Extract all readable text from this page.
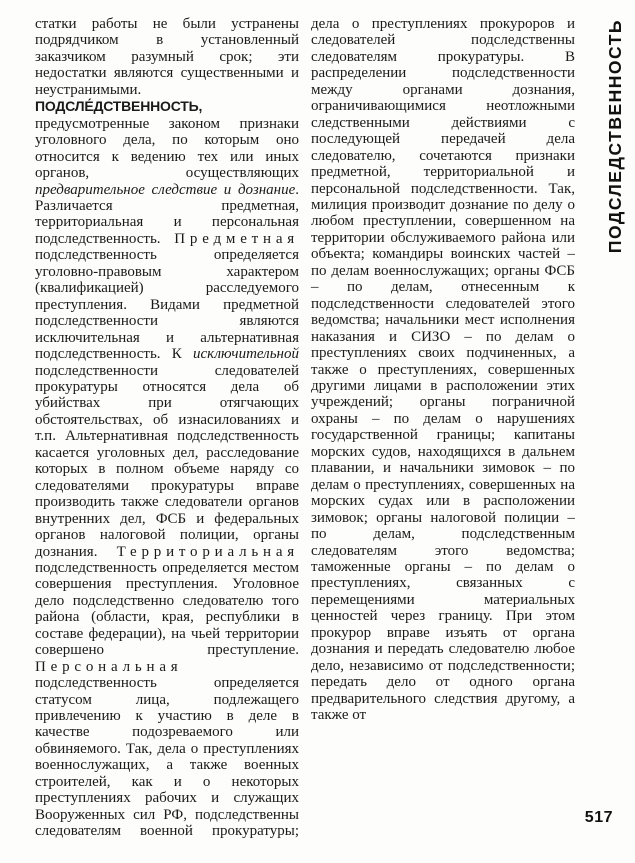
статки работы не были устранены подрядчиком в установленный заказчиком разумный срок; эти недостатки являются существенными и неустранимыми.

ПОДСЛЕ́ДСТВЕННОСТЬ, предусмотренные законом признаки уголовного дела, по которым оно относится к ведению тех или иных органов, осуществляющих предварительное следствие и дознание. Различается предметная, территориальная и персональная подследственность. Предметная подследственность определяется уголовно-правовым характером (квалификацией) расследуемого преступления. Видами предметной подследственности являются исключительная и альтернативная подследственность. К исключительной подследственности следователей прокуратуры относятся дела об убийствах при отягчающих обстоятельствах, об изнасилованиях и т.п. Альтернативная подследственность касается уголовных дел, расследование которых в полном объеме наряду со следователями прокуратуры вправе производить также следователи органов внутренних дел, ФСБ и федеральных органов налоговой полиции, органы дознания. Территориальная подследственность определяется местом совершения преступления. Уголовное дело подследственно следователю того района (области, края, республики в составе федерации), на чьей территории совершено преступление. Персональная подследственность определяется статусом лица, подлежащего привлечению к участию в деле в качестве подозреваемого или обвиняемого. Так, дела о преступлениях военнослужащих, а также военных строителей, как и о некоторых преступлениях рабочих и служащих Вооруженных сил РФ, подследственны следователям военной прокуратуры; дела о преступлениях прокуроров и следователей подследственны следователям прокуратуры. В распределении подследственности между органами дознания, ограничивающимися неотложными следственными действиями с последующей передачей дела следователю, сочетаются признаки предметной, территориальной и персональной подследственности. Так, милиция производит дознание по делу о любом преступлении, совершенном на территории обслуживаемого района или объекта; командиры воинских частей – по делам военнослужащих; органы ФСБ – по делам, отнесенным к подследственности следователей этого ведомства; начальники мест исполнения наказания и СИЗО – по делам о преступлениях своих подчиненных, а также о преступлениях, совершенных другими лицами в расположении этих учреждений; органы пограничной охраны – по делам о нарушениях государственной границы; капитаны морских судов, находящихся в дальнем плавании, и начальники зимовок – по делам о преступлениях, совершенных на морских судах или в расположении зимовок; органы налоговой полиции – по делам, подследственным следователям этого ведомства; таможенные органы – по делам о преступлениях, связанных с перемещениями материальных ценностей через границу. При этом прокурор вправе изъять от органа дознания и передать следователю любое дело, независимо от подследственности; передать дело от одного органа предварительного следствия другому, а также от

ПОДСЛЕДСТВЕННОСТЬ
517
